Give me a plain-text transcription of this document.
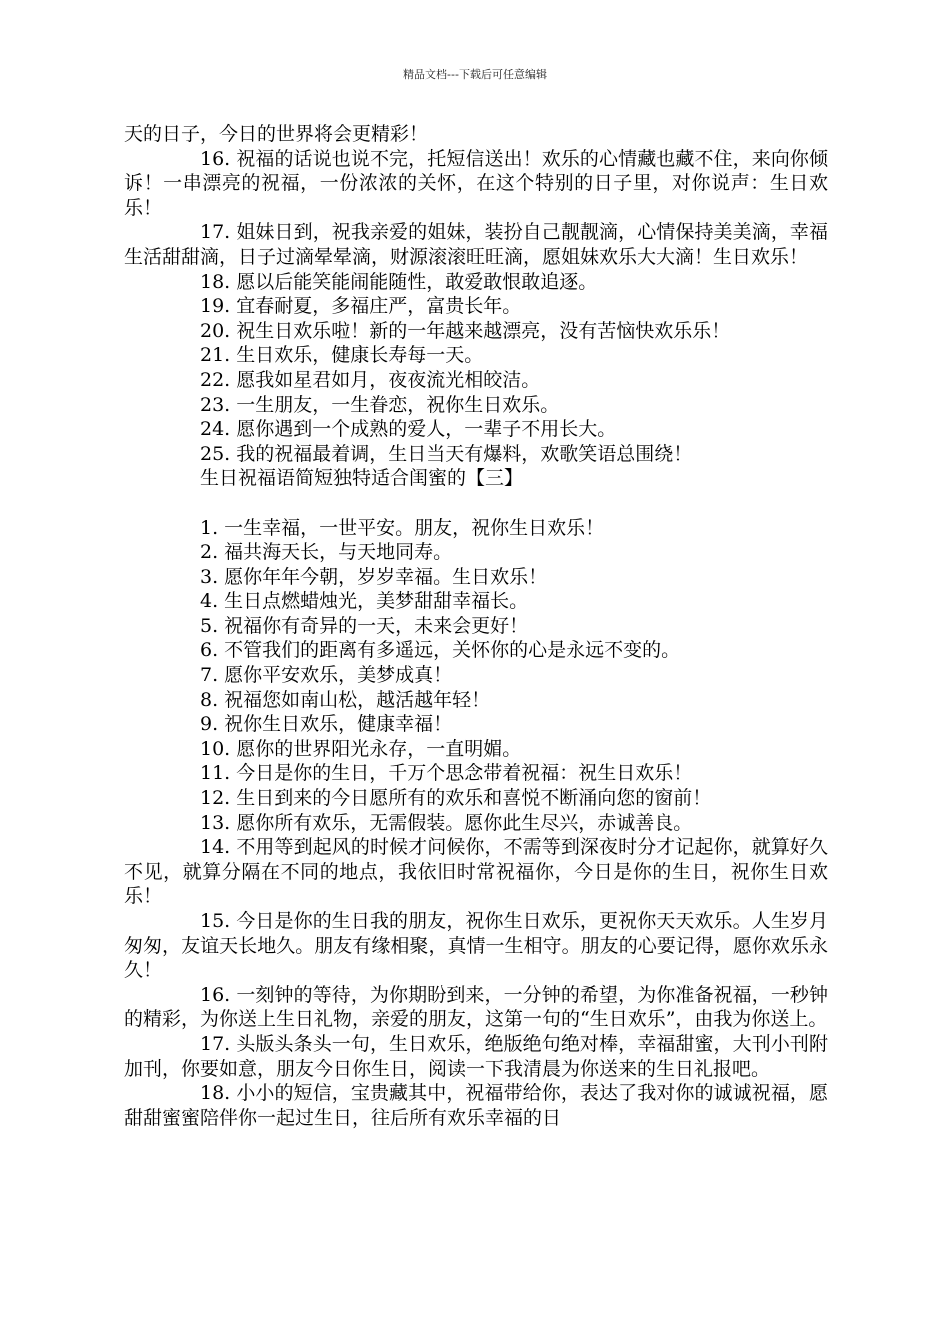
精品文档---下载后可任意编辑

天的日子，今日的世界将会更精彩！

16. 祝福的话说也说不完，托短信送出！欢乐的心情藏也藏不住，来向你倾诉！一串漂亮的祝福，一份浓浓的关怀，在这个特别的日子里，对你说声：生日欢乐！

17. 姐妹日到，祝我亲爱的姐妹，装扮自己靓靓滴，心情保持美美滴，幸福生活甜甜滴，日子过滴晕晕滴，财源滚滚旺旺滴，愿姐妹欢乐大大滴！生日欢乐！

18. 愿以后能笑能闹能随性，敢爱敢恨敢追逐。

19. 宜春耐夏，多福庄严，富贵长年。

20. 祝生日欢乐啦！新的一年越来越漂亮，没有苦恼快欢乐乐！

21. 生日欢乐，健康长寿每一天。

22. 愿我如星君如月，夜夜流光相皎洁。

23. 一生朋友，一生眷恋，祝你生日欢乐。

24. 愿你遇到一个成熟的爱人，一辈子不用长大。

25. 我的祝福最着调，生日当天有爆料，欢歌笑语总围绕！

生日祝福语简短独特适合闺蜜的【三】

1. 一生幸福，一世平安。朋友，祝你生日欢乐！

2. 福共海天长，与天地同寿。

3. 愿你年年今朝，岁岁幸福。生日欢乐！

4. 生日点燃蜡烛光，美梦甜甜幸福长。

5. 祝福你有奇异的一天，未来会更好！

6. 不管我们的距离有多遥远，关怀你的心是永远不变的。

7. 愿你平安欢乐，美梦成真！

8. 祝福您如南山松，越活越年轻！

9. 祝你生日欢乐，健康幸福！

10. 愿你的世界阳光永存，一直明媚。

11. 今日是你的生日，千万个思念带着祝福：祝生日欢乐！

12. 生日到来的今日愿所有的欢乐和喜悦不断涌向您的窗前！

13. 愿你所有欢乐，无需假装。愿你此生尽兴，赤诚善良。

14. 不用等到起风的时候才问候你，不需等到深夜时分才记起你，就算好久不见，就算分隔在不同的地点，我依旧时常祝福你，今日是你的生日，祝你生日欢乐！

15. 今日是你的生日我的朋友，祝你生日欢乐，更祝你天天欢乐。人生岁月匆匆，友谊天长地久。朋友有缘相聚，真情一生相守。朋友的心要记得，愿你欢乐永久！

16. 一刻钟的等待，为你期盼到来，一分钟的希望，为你准备祝福，一秒钟的精彩，为你送上生日礼物，亲爱的朋友，这第一句的“生日欢乐”，由我为你送上。

17. 头版头条头一句，生日欢乐，绝版绝句绝对棒，幸福甜蜜，大刊小刊附加刊，你要如意，朋友今日你生日，阅读一下我清晨为你送来的生日礼报吧。

18. 小小的短信，宝贵藏其中，祝福带给你，表达了我对你的诚诚祝福，愿甜甜蜜蜜陪伴你一起过生日，往后所有欢乐幸福的日
